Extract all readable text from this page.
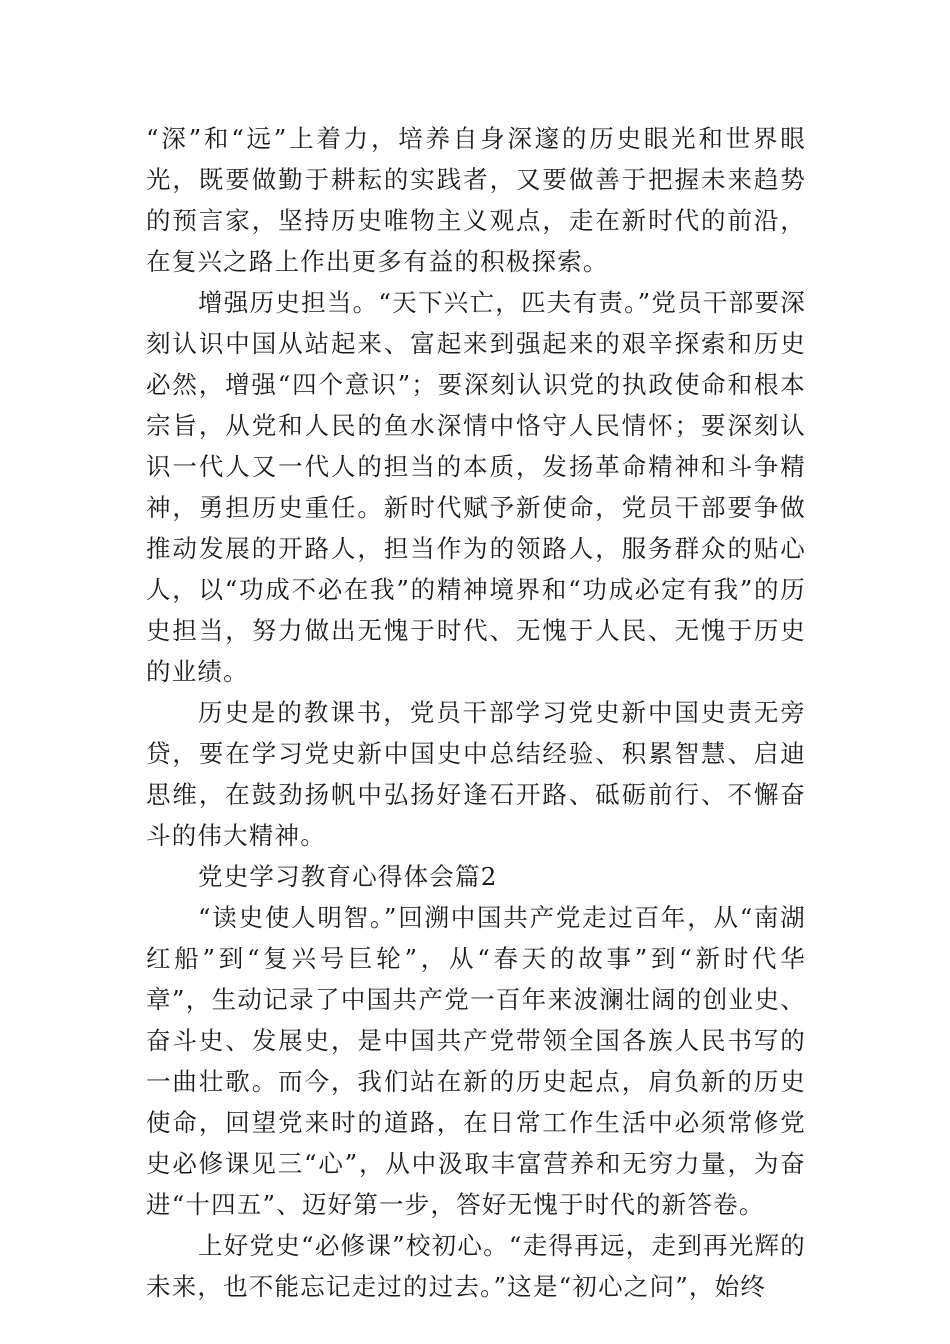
“深”和“远”上着力，培养自身深邃的历史眼光和世界眼光，既要做勤于耕耘的实践者，又要做善于把握未来趋势的预言家，坚持历史唯物主义观点，走在新时代的前沿，在复兴之路上作出更多有益的积极探索。

增强历史担当。“天下兴亡，匹夫有责。”党员干部要深刻认识中国从站起来、富起来到强起来的艰辛探索和历史必然，增强“四个意识”；要深刻认识党的执政使命和根本宗旨，从党和人民的鱼水深情中恪守人民情怀；要深刻认识一代人又一代人的担当的本质，发扬革命精神和斗争精神，勇担历史重任。新时代赋予新使命，党员干部要争做推动发展的开路人，担当作为的领路人，服务群众的贴心人，以“功成不必在我”的精神境界和“功成必定有我”的历史担当，努力做出无愧于时代、无愧于人民、无愧于历史的业绩。

历史是的教课书，党员干部学习党史新中国史责无旁贷，要在学习党史新中国史中总结经验、积累智慧、启迪思维，在鼓劲扬帆中弘扬好逢石开路、砥砺前行、不懈奋斗的伟大精神。

党史学习教育心得体会篇2

“读史使人明智。”回溯中国共产党走过百年，从“南湖红船”到“复兴号巨轮”，从“春天的故事”到“新时代华章”，生动记录了中国共产党一百年来波澜壮阔的创业史、奋斗史、发展史，是中国共产党带领全国各族人民书写的一曲壮歌。而今，我们站在新的历史起点，肩负新的历史使命，回望党来时的道路，在日常工作生活中必须常修党史必修课见三“心”，从中汲取丰富营养和无穷力量，为奋进“十四五”、迈好第一步，答好无愧于时代的新答卷。

上好党史“必修课”校初心。“走得再远，走到再光辉的未来，也不能忘记走过的过去。”这是“初心之问”，始终
